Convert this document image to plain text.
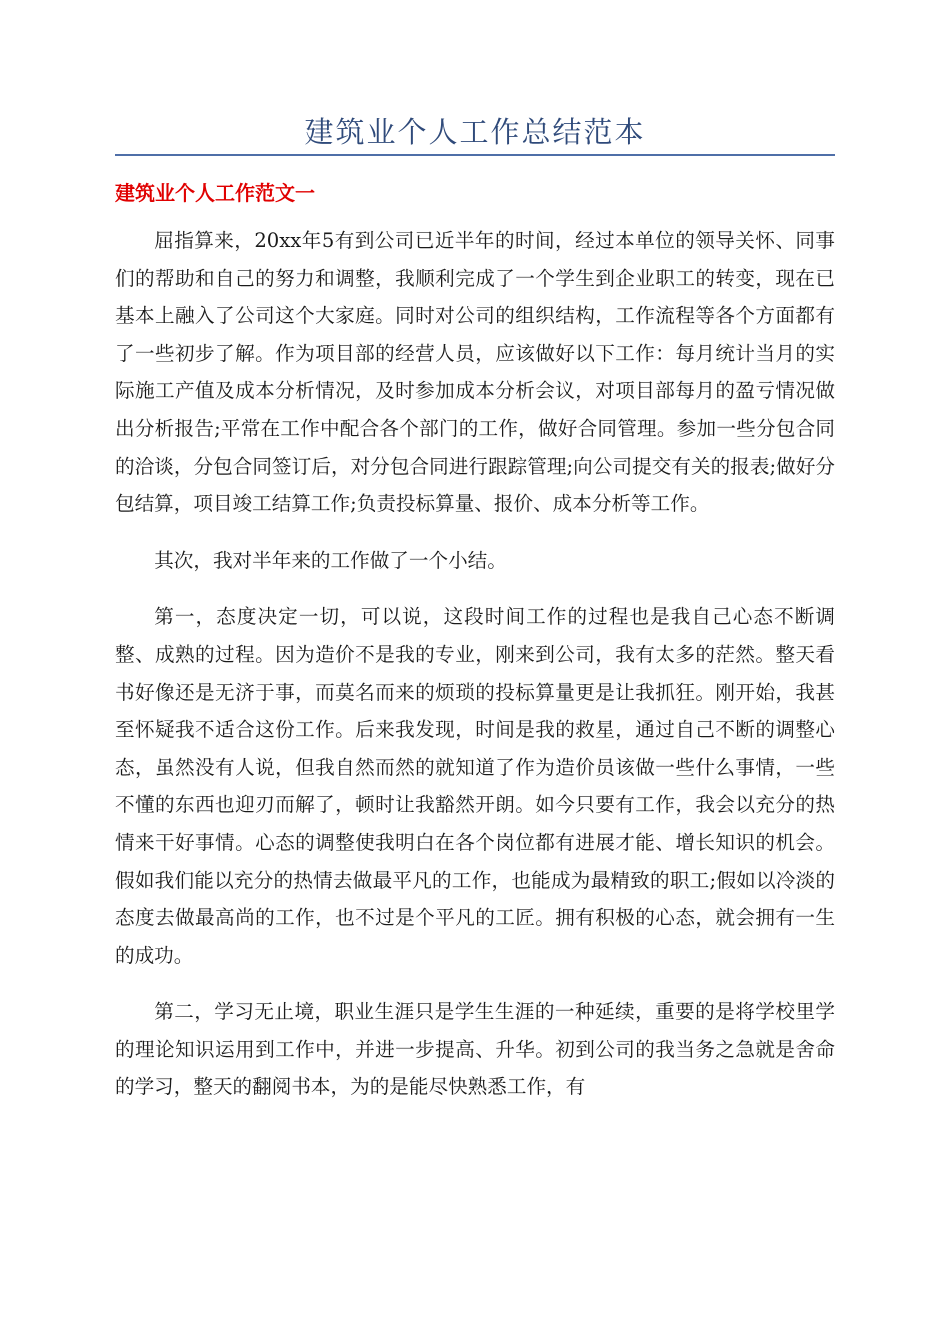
建筑业个人工作总结范本
建筑业个人工作范文一

屈指算来，20xx年5有到公司已近半年的时间，经过本单位的领导关怀、同事们的帮助和自己的努力和调整，我顺利完成了一个学生到企业职工的转变，现在已基本上融入了公司这个大家庭。同时对公司的组织结构，工作流程等各个方面都有了一些初步了解。作为项目部的经营人员，应该做好以下工作：每月统计当月的实际施工产值及成本分析情况，及时参加成本分析会议，对项目部每月的盈亏情况做出分析报告;平常在工作中配合各个部门的工作，做好合同管理。参加一些分包合同的洽谈，分包合同签订后，对分包合同进行跟踪管理;向公司提交有关的报表;做好分包结算，项目竣工结算工作;负责投标算量、报价、成本分析等工作。

其次，我对半年来的工作做了一个小结。

第一，态度决定一切，可以说，这段时间工作的过程也是我自己心态不断调整、成熟的过程。因为造价不是我的专业，刚来到公司，我有太多的茫然。整天看书好像还是无济于事，而莫名而来的烦琐的投标算量更是让我抓狂。刚开始，我甚至怀疑我不适合这份工作。后来我发现，时间是我的救星，通过自己不断的调整心态，虽然没有人说，但我自然而然的就知道了作为造价员该做一些什么事情，一些不懂的东西也迎刃而解了，顿时让我豁然开朗。如今只要有工作，我会以充分的热情来干好事情。心态的调整使我明白在各个岗位都有进展才能、增长知识的机会。假如我们能以充分的热情去做最平凡的工作，也能成为最精致的职工;假如以冷淡的态度去做最高尚的工作，也不过是个平凡的工匠。拥有积极的心态，就会拥有一生的成功。

第二，学习无止境，职业生涯只是学生生涯的一种延续，重要的是将学校里学的理论知识运用到工作中，并进一步提高、升华。初到公司的我当务之急就是舍命的学习，整天的翻阅书本，为的是能尽快熟悉工作，有
